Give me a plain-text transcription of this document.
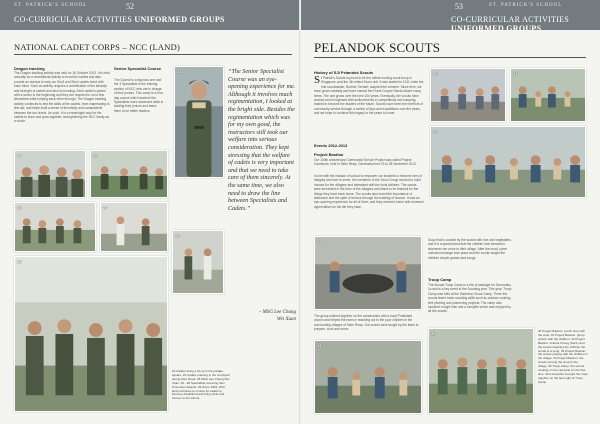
ST. PATRICK'S SCHOOL	52
CO-CURRICULAR ACTIVITIES UNIFORMED GROUPS
NATIONAL CADET CORPS – NCC (LAND)
Dragon tracking
The Dragon tracking activity was held on 16 October 2013. It is held annually as a recreational activity to bond the cadets and also provide an avenue to help our Sec3 and Sec4 cadets bond with each other. Such an activity requires a combination of the tenacity and strength of cadets and also its bonding. Each cadet is paired with a senior in the beginning and they are required to run a few kilometres while helping each other through. The Dragon tracking activity continues to test the skills of the cadets, from mapreading to first aid, and helps instil a sense of friendship and camaraderie between the two levels. As such, it is a meaningful way for the cadets to learn and grow together, strengthening the NCC family as a whole.
Senior Specialist Course
The Course is a rigorous one and the 3 Specialists in the training section of NCC who are in charge of their juniors. This camp is a four-day course which teaches the Specialists more advanced skills in leading their juniors and trains them to be better leaders.
23	“The Senior Specialist Course was an eye-opening experience for me. Although it involves much regimentation, I looked at the bright side. Besides the regimentation which was for my own good, the instructors still took our welfare into serious consideration. They kept stressing that the welfare of cadets is very important and that we need to take care of them sincerely. At the same time, we also need to draw the line between Specialists and Cadets.”
– MSG Lee Chang
Wei Xuan
24	25
26	27
28
29
23 Cadets doing a sit-up in the parade square. 24 Cadets relaxing in the courtyard during their break. 25 MSG Lee Chang Wei Xuan. 26 - 28 Specialists receiving their Promotion Awards. 29 Since 1964, NCC land continues to nurture its cadets to become disciplined and bring pride and honour to the school.
53	ST. PATRICK'S SCHOOL
CO-CURRICULAR ACTIVITIES UNIFORMED GROUPS
PELANDOK SCOUTS
History of SJI Pelandok Scouts
St Patrick's Scouts is proud to be the oldest running scout troop in Singapore, and the 4th oldest Scout unit. It was started in 1911 when the first scoutmaster, Brother Gerhart, adopted the scheme. Since then, we have grown steadily and have earned the Frank Cooper Sands Award many times. The unit grows over the next 100 years. Eventually, the scouts have worked and recognised with achievements in competitions and camping, trained to become the leaders of the future. Scouts have been the forefront of community service through a variety of trips and expeditions over the years, and we hope to continue this legacy in the years to come.
Events 2012-2013
Project Bastion
Our 100th anniversary Community Service Project was called Project Cambonia, held in Siem Reap, Cambodia from 23 to 28 November 2013.
In line with the mission of school to empower our students to become men of integrity and love to serve, the members of the Scout Group worked to build houses for the villagers and interacted with the local children. The scouts were immersed in the lives of the villagers and learnt to be thankful for the things they have back home. The scouts also learnt the importance of teamwork and the spirit of service through the building of houses. It was an eye-opening experience for all of them, and they returned home with renewed appreciation for the life they have.
30	31
32
33
The group worked together on the construction with a local Protestant church and helped the team in reaching out to the poor children in the surrounding villages of Siem Reap. Our scouts were taught by the team to prepare, cook and serve.
34
Soup that is cooked by the scouts with rice and vegetables, and it is a special treat that the children look forward to whenever we come to their village. After the meal, some cultural exchange took place and the scouts taught the children simple games and songs.
Troop Camp
The Annual Troop Camp is a rite of passage for Secondary 1s and is a key event in the Scouting year. This year, Troop Camp was held at the Sarimbun Scout Camp. There the scouts learnt basic scouting skills such as outdoor cooking, tent pitching and pioneering projects. The camp also included a night hike and a campfire which was enjoyed by all the scouts.
35	30 Project Bastion: Lunch time with the crew. 31 Project Bastion: group picture with the children. 32 Project Bastion: Joshua Chong (Sec1) and the scouts teaching the children the words to a song. 33 Project Bastion: the scouts playing with the children in the village. 34 Project Bastion: the scouts serving the soup to the village. 35 Troop Camp: the scouts cooking on the campsite for the first time. 36 A Campfire brought the troop together on the last night of Troop Camp.
